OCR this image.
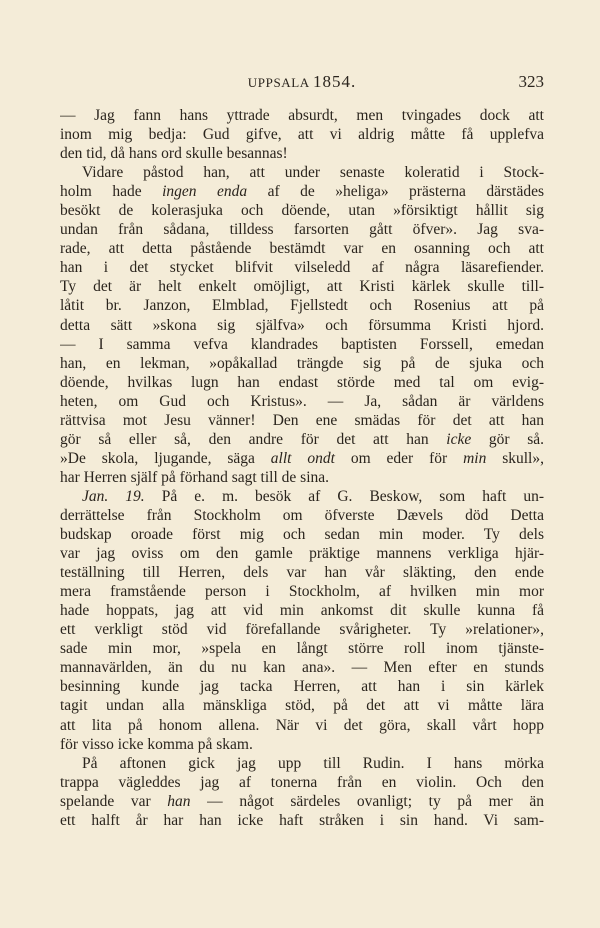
UPPSALA 1854.	323
— Jag fann hans yttrade absurdt, men tvingades dock att
inom mig bedja: Gud gifve, att vi aldrig måtte få upplefva
den tid, då hans ord skulle besannas!
Vidare påstod han, att under senaste koleratid i Stock-
holm hade ingen enda af de »heliga» prästerna därstädes
besökt de kolerasjuka och döende, utan »försiktigt hållit sig
undan från sådana, tilldess farsorten gått öfver». Jag sva-
rade, att detta påstående bestämdt var en osanning och att
han i det stycket blifvit vilseledd af några läsarefiender.
Ty det är helt enkelt omöjligt, att Kristi kärlek skulle till-
låtit br. Janzon, Elmblad, Fjellstedt och Rosenius att på
detta sätt »skona sig själfva» och försumma Kristi hjord.
— I samma vefva klandrades baptisten Forssell, emedan
han, en lekman, »opåkallad trängde sig på de sjuka och
döende, hvilkas lugn han endast störde med tal om evig-
heten, om Gud och Kristus». — Ja, sådan är världens
rättvisa mot Jesu vänner! Den ene smädas för det att han
gör så eller så, den andre för det att han icke gör så.
»De skola, ljugande, säga allt ondt om eder för min skull»,
har Herren själf på förhand sagt till de sina.
Jan. 19. På e. m. besök af G. Beskow, som haft un-
derrättelse från Stockholm om öfverste Dævels död Detta
budskap oroade först mig och sedan min moder. Ty dels
var jag oviss om den gamle präktige mannens verkliga hjär-
teställning till Herren, dels var han vår släkting, den ende
mera framstående person i Stockholm, af hvilken min mor
hade hoppats, jag att vid min ankomst dit skulle kunna få
ett verkligt stöd vid förefallande svårigheter. Ty »relationer»,
sade min mor, »spela en långt större roll inom tjänste-
mannavärlden, än du nu kan ana». — Men efter en stunds
besinning kunde jag tacka Herren, att han i sin kärlek
tagit undan alla mänskliga stöd, på det att vi måtte lära
att lita på honom allena. När vi det göra, skall vårt hopp
för visso icke komma på skam.
På aftonen gick jag upp till Rudin. I hans mörka
trappa vägleddes jag af tonerna från en violin. Och den
spelande var han — något särdeles ovanligt; ty på mer än
ett halft år har han icke haft stråken i sin hand. Vi sam-
